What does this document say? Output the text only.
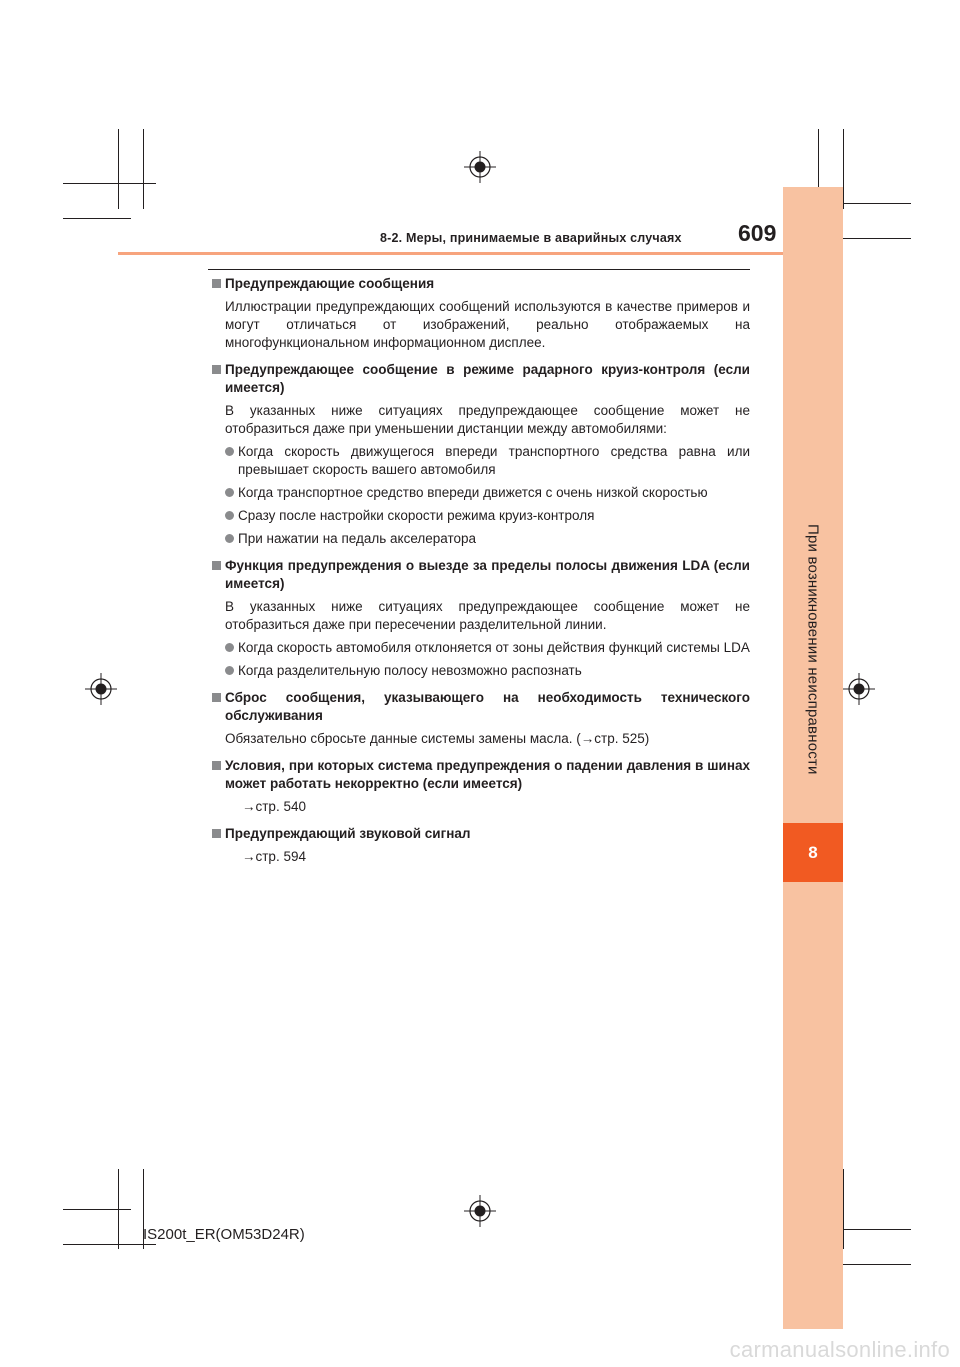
При возникновении неисправности
8
8-2. Меры, принимаемые в аварийных случаях 609
Предупреждающие сообщения
Иллюстрации предупреждающих сообщений используются в качестве примеров и могут отличаться от изображений, реально отображаемых на многофункциональном информационном дисплее.
Предупреждающее сообщение в режиме радарного круиз-контроля (если имеется)
В указанных ниже ситуациях предупреждающее сообщение может не отобразиться даже при уменьшении дистанции между автомобилями:
Когда скорость движущегося впереди транспортного средства равна или превышает скорость вашего автомобиля
Когда транспортное средство впереди движется с очень низкой скоростью
Сразу после настройки скорости режима круиз-контроля
При нажатии на педаль акселератора
Функция предупреждения о выезде за пределы полосы движения LDA (если имеется)
В указанных ниже ситуациях предупреждающее сообщение может не отобразиться даже при пересечении разделительной линии.
Когда скорость автомобиля отклоняется от зоны действия функций системы LDA
Когда разделительную полосу невозможно распознать
Сброс сообщения, указывающего на необходимость технического обслуживания
Обязательно сбросьте данные системы замены масла. (→стр. 525)
Условия, при которых система предупреждения о падении давления в шинах может работать некорректно (если имеется)
→стр. 540
Предупреждающий звуковой сигнал
→стр. 594
IS200t_ER(OM53D24R)
carmanualsonline.info
